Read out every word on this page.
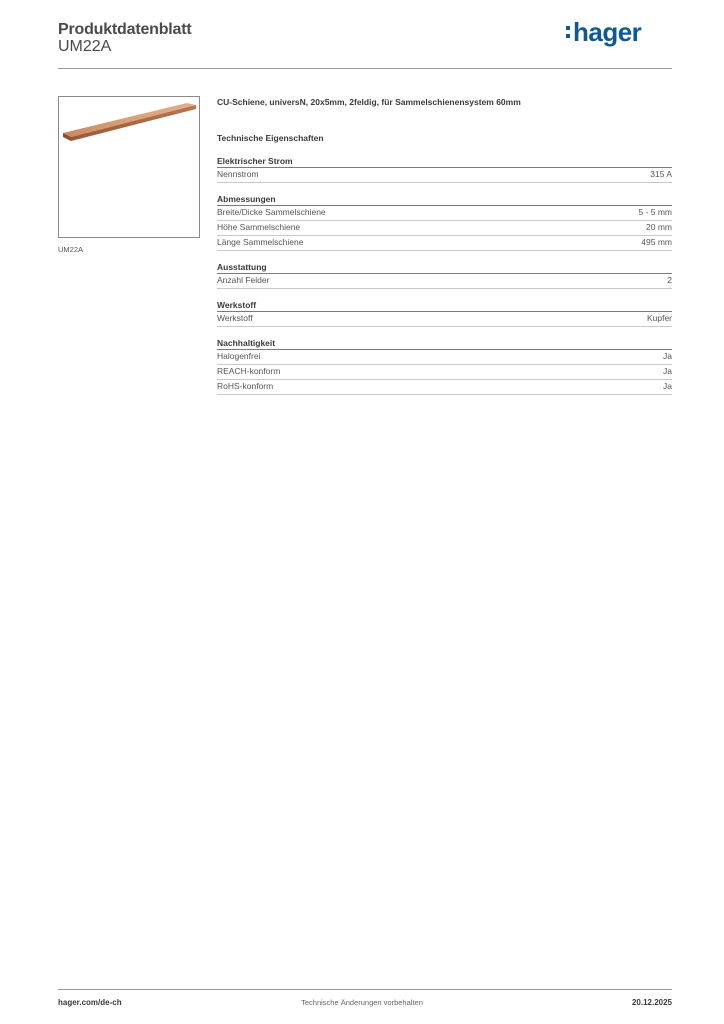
Produktdatenblatt
UM22A	hager
UM22A
CU-Schiene, universN, 20x5mm, 2feldig, für Sammelschienensystem 60mm
Technische Eigenschaften
Elektrischer Strom
Nennstrom	315 A
Abmessungen
Breite/Dicke Sammelschiene	5 - 5 mm
Höhe Sammelschiene	20 mm
Länge Sammelschiene	495 mm
Ausstattung
Anzahl Felder	2
Werkstoff
Werkstoff	Kupfer
Nachhaltigkeit
Halogenfrei	Ja
REACH-konform	Ja
RoHS-konform	Ja
hager.com/de-ch	Technische Änderungen vorbehalten	20.12.2025
